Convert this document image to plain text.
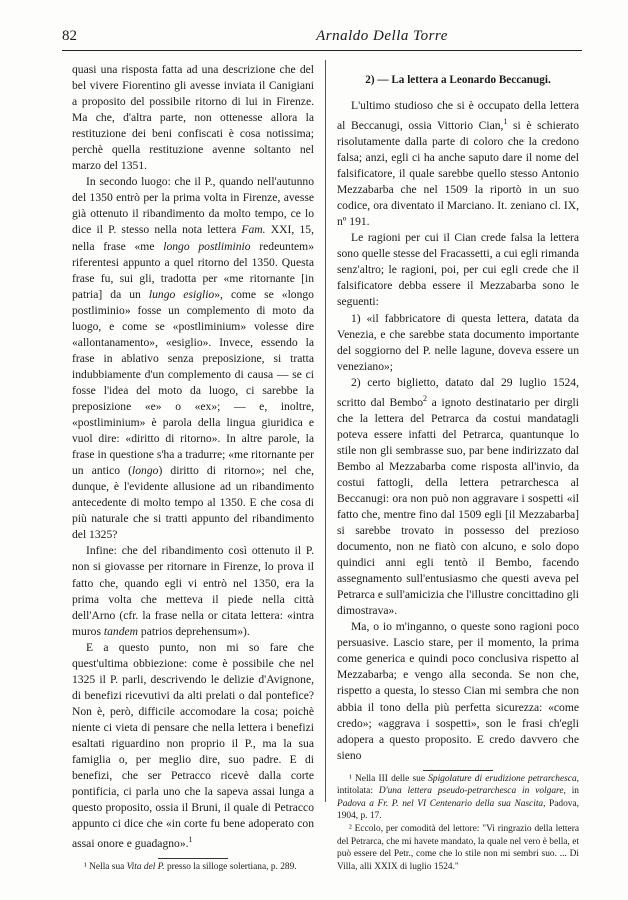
82	Arnaldo Della Torre

quasi una risposta fatta ad una descrizione che del bel vivere Fiorentino gli avesse inviata il Canigiani a proposito del possibile ritorno di lui in Firenze. Ma che, d'altra parte, non ottenesse allora la restituzione dei beni confiscati è cosa notissima; perchè quella restituzione avenne soltanto nel marzo del 1351.

In secondo luogo: che il P., quando nell'autunno del 1350 entrò per la prima volta in Firenze, avesse già ottenuto il ribandimento da molto tempo, ce lo dice il P. stesso nella nota lettera Fam. XXI, 15, nella frase «me longo postliminio redeuntem» riferentesi appunto a quel ritorno del 1350. Questa frase fu, sui gli, tradotta per «me ritornante [in patria] da un lungo esiglio», come se «longo postliminio» fosse un complemento di moto da luogo, e come se «postliminium» volesse dire «allontanamento», «esiglio». Invece, essendo la frase in ablativo senza preposizione, si tratta indubbiamente d'un complemento di causa — se ci fosse l'idea del moto da luogo, ci sarebbe la preposizione «e» o «ex»; — e, inoltre, «postliminium» è parola della lingua giuridica e vuol dire: «diritto di ritorno». In altre parole, la frase in questione s'ha a tradurre; «me ritornante per un antico (longo) diritto di ritorno»; nel che, dunque, è l'evidente allusione ad un ribandimento antecedente di molto tempo al 1350. E che cosa di più naturale che si tratti appunto del ribandimento del 1325?

Infine: che del ribandimento così ottenuto il P. non si giovasse per ritornare in Firenze, lo prova il fatto che, quando egli vi entrò nel 1350, era la prima volta che metteva il piede nella città dell'Arno (cfr. la frase nella or citata lettera: «intra muros tandem patrios deprehensum»).

E a questo punto, non mi so fare che quest'ultima obbiezione: come è possibile che nel 1325 il P. parli, descrivendo le delizie d'Avignone, di benefizi ricevutivi da alti prelati o dal pontefice? Non è, però, difficile accomodare la cosa; poichè niente ci vieta di pensare che nella lettera i benefizi esaltati riguardino non proprio il P., ma la sua famiglia o, per meglio dire, suo padre. E di benefizi, che ser Petracco ricevè dalla corte pontificia, ci parla uno che la sapeva assai lunga a questo proposito, ossia il Bruni, il quale di Petracco appunto ci dice che «in corte fu bene adoperato con assai onore e guadagno».$^1$

¹ Nella sua Vita del P. presso la silloge solertiana, p. 289.

2) — La lettera a Leonardo Beccanugi.

L'ultimo studioso che si è occupato della lettera al Beccanugi, ossia Vittorio Cian,$^1$ si è schierato risolutamente dalla parte di coloro che la credono falsa; anzi, egli ci ha anche saputo dare il nome del falsificatore, il quale sarebbe quello stesso Antonio Mezzabarba che nel 1509 la riportò in un suo codice, ora diventato il Marciano. It. zeniano cl. IX, nº 191.

Le ragioni per cui il Cian crede falsa la lettera sono quelle stesse del Fracassetti, a cui egli rimanda senz'altro; le ragioni, poi, per cui egli crede che il falsificatore debba essere il Mezzabarba sono le seguenti:

1) «il fabbricatore di questa lettera, datata da Venezia, e che sarebbe stata documento importante del soggiorno del P. nelle lagune, doveva essere un veneziano»;

2) certo biglietto, datato dal 29 luglio 1524, scritto dal Bembo$^2$ a ignoto destinatario per dirgli che la lettera del Petrarca da costui mandatagli poteva essere infatti del Petrarca, quantunque lo stile non gli sembrasse suo, par bene indirizzato dal Bembo al Mezzabarba come risposta all'invio, da costui fattogli, della lettera petrarchesca al Beccanugi: ora non può non aggravare i sospetti «il fatto che, mentre fino dal 1509 egli [il Mezzabarba] si sarebbe trovato in possesso del prezioso documento, non ne fiatò con alcuno, e solo dopo quindici anni egli tentò il Bembo, facendo assegnamento sull'entusiasmo che questi aveva pel Petrarca e sull'amicizia che l'illustre concittadino gli dimostrava».

Ma, o io m'inganno, o queste sono ragioni poco persuasive. Lascio stare, per il momento, la prima come generica e quindi poco conclusiva rispetto al Mezzabarba; e vengo alla seconda. Se non che, rispetto a questa, lo stesso Cian mi sembra che non abbia il tono della più perfetta sicurezza: «come credo»; «aggrava i sospetti», son le frasi ch'egli adopera a questo proposito. E credo davvero che sieno

¹ Nella III delle sue Spigolature di erudizione petrarchesca, intitolata: D'una lettera pseudo-petrarchesca in volgare, in Padova a Fr. P. nel VI Centenario della sua Nascita, Padova, 1904, p. 17.

² Eccolo, per comodità del lettore: "Vi ringrazio della lettera del Petrarca, che mi havete mandato, la quale nel vero è bella, et può essere del Petr., come che lo stile non mi sembri suo. ... Di Villa, alli XXIX di luglio 1524."
